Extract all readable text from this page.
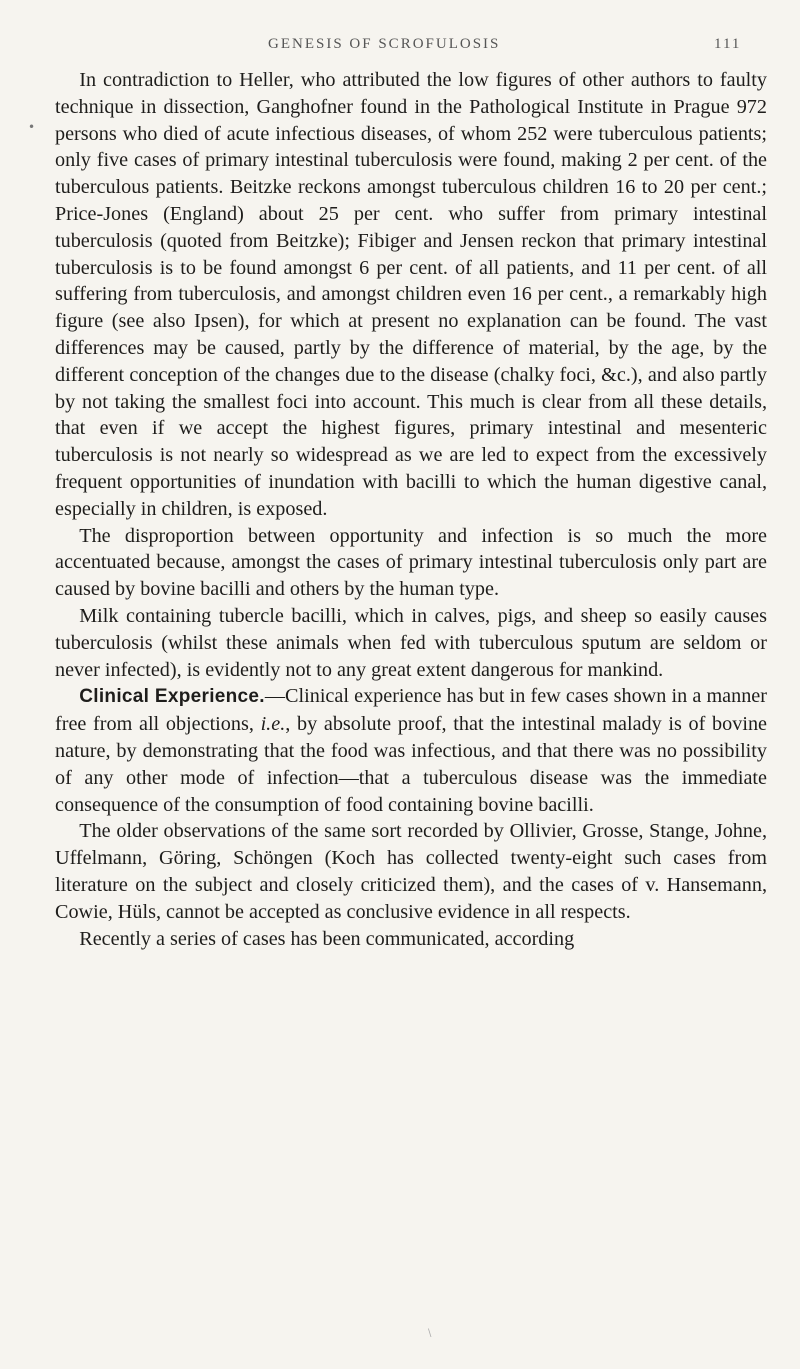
GENESIS OF SCROFULOSIS	111
•

In contradiction to Heller, who attributed the low figures of other authors to faulty technique in dissection, Ganghofner found in the Pathological Institute in Prague 972 persons who died of acute infectious diseases, of whom 252 were tuberculous patients; only five cases of primary intestinal tuberculosis were found, making 2 per cent. of the tuberculous patients. Beitzke reckons amongst tuberculous children 16 to 20 per cent.; Price-Jones (England) about 25 per cent. who suffer from primary intestinal tuberculosis (quoted from Beitzke); Fibiger and Jensen reckon that primary intestinal tuberculosis is to be found amongst 6 per cent. of all patients, and 11 per cent. of all suffering from tuberculosis, and amongst children even 16 per cent., a remarkably high figure (see also Ipsen), for which at present no explanation can be found. The vast differences may be caused, partly by the difference of material, by the age, by the different conception of the changes due to the disease (chalky foci, &c.), and also partly by not taking the smallest foci into account. This much is clear from all these details, that even if we accept the highest figures, primary intestinal and mesenteric tuberculosis is not nearly so widespread as we are led to expect from the excessively frequent opportunities of inundation with bacilli to which the human digestive canal, especially in children, is exposed.

The disproportion between opportunity and infection is so much the more accentuated because, amongst the cases of primary intestinal tuberculosis only part are caused by bovine bacilli and others by the human type.

Milk containing tubercle bacilli, which in calves, pigs, and sheep so easily causes tuberculosis (whilst these animals when fed with tuberculous sputum are seldom or never infected), is evidently not to any great extent dangerous for mankind.

Clinical Experience.—Clinical experience has but in few cases shown in a manner free from all objections, i.e., by absolute proof, that the intestinal malady is of bovine nature, by demonstrating that the food was infectious, and that there was no possibility of any other mode of infection—that a tuberculous disease was the immediate consequence of the consumption of food containing bovine bacilli.

The older observations of the same sort recorded by Ollivier, Grosse, Stange, Johne, Uffelmann, Göring, Schöngen (Koch has collected twenty-eight such cases from literature on the subject and closely criticized them), and the cases of v. Hansemann, Cowie, Hüls, cannot be accepted as conclusive evidence in all respects.

Recently a series of cases has been communicated, according

\
